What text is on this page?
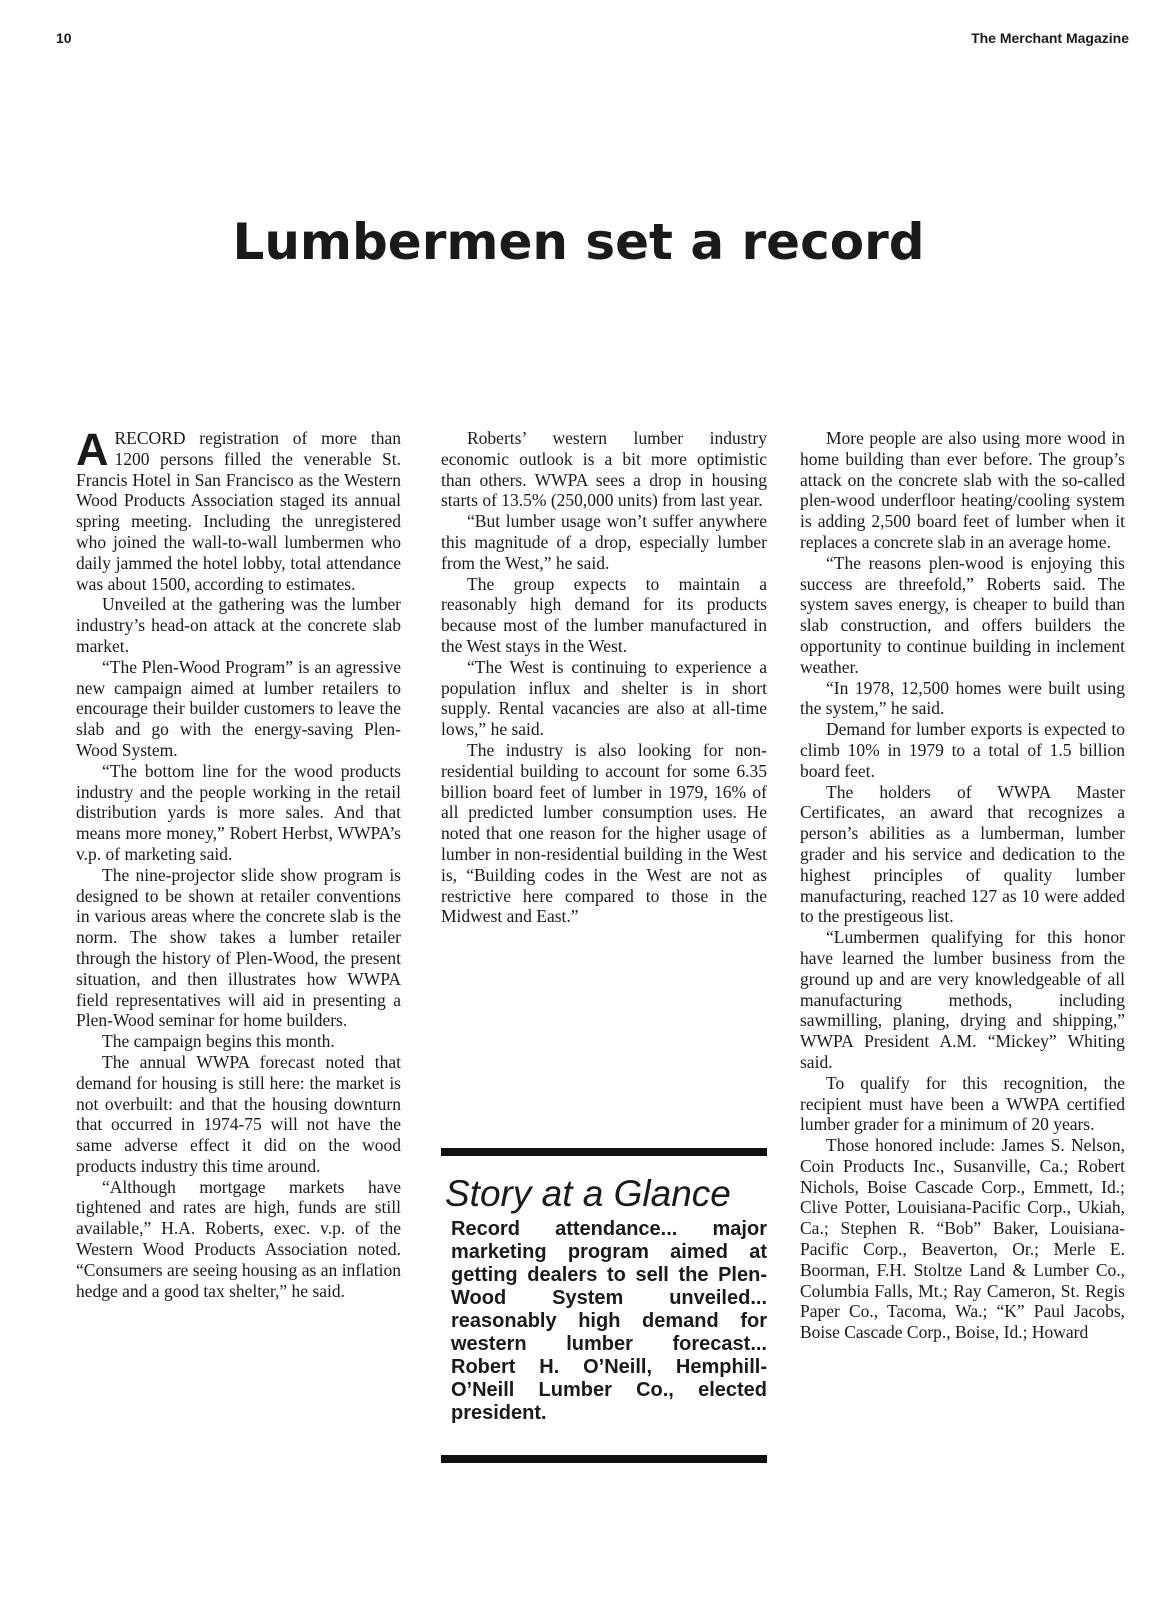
10	The Merchant Magazine
Lumbermen set a record

A RECORD registration of more than 1200 persons filled the venerable St. Francis Hotel in San Francisco as the Western Wood Products Association staged its annual spring meeting. Including the unregistered who joined the wall-to-wall lumbermen who daily jammed the hotel lobby, total attendance was about 1500, according to estimates.

Unveiled at the gathering was the lumber industry’s head-on attack at the concrete slab market.

“The Plen-Wood Program” is an agressive new campaign aimed at lumber retailers to encourage their builder customers to leave the slab and go with the energy-saving Plen-Wood System.

“The bottom line for the wood products industry and the people working in the retail distribution yards is more sales. And that means more money,” Robert Herbst, WWPA’s v.p. of marketing said.

The nine-projector slide show program is designed to be shown at retailer conventions in various areas where the concrete slab is the norm. The show takes a lumber retailer through the history of Plen-Wood, the present situation, and then illustrates how WWPA field representatives will aid in presenting a Plen-Wood seminar for home builders.

The campaign begins this month.

The annual WWPA forecast noted that demand for housing is still here: the market is not overbuilt: and that the housing downturn that occurred in 1974-75 will not have the same adverse effect it did on the wood products industry this time around.

“Although mortgage markets have tightened and rates are high, funds are still available,” H.A. Roberts, exec. v.p. of the Western Wood Products Association noted. “Consumers are seeing housing as an inflation hedge and a good tax shelter,” he said.

Roberts’ western lumber industry economic outlook is a bit more optimistic than others. WWPA sees a drop in housing starts of 13.5% (250,000 units) from last year.

“But lumber usage won’t suffer anywhere this magnitude of a drop, especially lumber from the West,” he said.

The group expects to maintain a reasonably high demand for its products because most of the lumber manufactured in the West stays in the West.

“The West is continuing to experience a population influx and shelter is in short supply. Rental vacancies are also at all-time lows,” he said.

The industry is also looking for non-residential building to account for some 6.35 billion board feet of lumber in 1979, 16% of all predicted lumber consumption uses. He noted that one reason for the higher usage of lumber in non-residential building in the West is, “Building codes in the West are not as restrictive here compared to those in the Midwest and East.”

Story at a Glance
Record attendance... major marketing program aimed at getting dealers to sell the Plen-Wood System unveiled... reasonably high demand for western lumber forecast... Robert H. O’Neill, Hemphill-O’Neill Lumber Co., elected president.

More people are also using more wood in home building than ever before. The group’s attack on the concrete slab with the so-called plen-wood underfloor heating/cooling system is adding 2,500 board feet of lumber when it replaces a concrete slab in an average home.

“The reasons plen-wood is enjoying this success are threefold,” Roberts said. The system saves energy, is cheaper to build than slab construction, and offers builders the opportunity to continue building in inclement weather.

“In 1978, 12,500 homes were built using the system,” he said.

Demand for lumber exports is expected to climb 10% in 1979 to a total of 1.5 billion board feet.

The holders of WWPA Master Certificates, an award that recognizes a person’s abilities as a lumberman, lumber grader and his service and dedication to the highest principles of quality lumber manufacturing, reached 127 as 10 were added to the prestigeous list.

“Lumbermen qualifying for this honor have learned the lumber business from the ground up and are very knowledgeable of all manufacturing methods, including sawmilling, planing, drying and shipping,” WWPA President A.M. “Mickey” Whiting said.

To qualify for this recognition, the recipient must have been a WWPA certified lumber grader for a minimum of 20 years.

Those honored include: James S. Nelson, Coin Products Inc., Susanville, Ca.; Robert Nichols, Boise Cascade Corp., Emmett, Id.; Clive Potter, Louisiana-Pacific Corp., Ukiah, Ca.; Stephen R. “Bob” Baker, Louisiana-Pacific Corp., Beaverton, Or.; Merle E. Boorman, F.H. Stoltze Land & Lumber Co., Columbia Falls, Mt.; Ray Cameron, St. Regis Paper Co., Tacoma, Wa.; “K” Paul Jacobs, Boise Cascade Corp., Boise, Id.; Howard
